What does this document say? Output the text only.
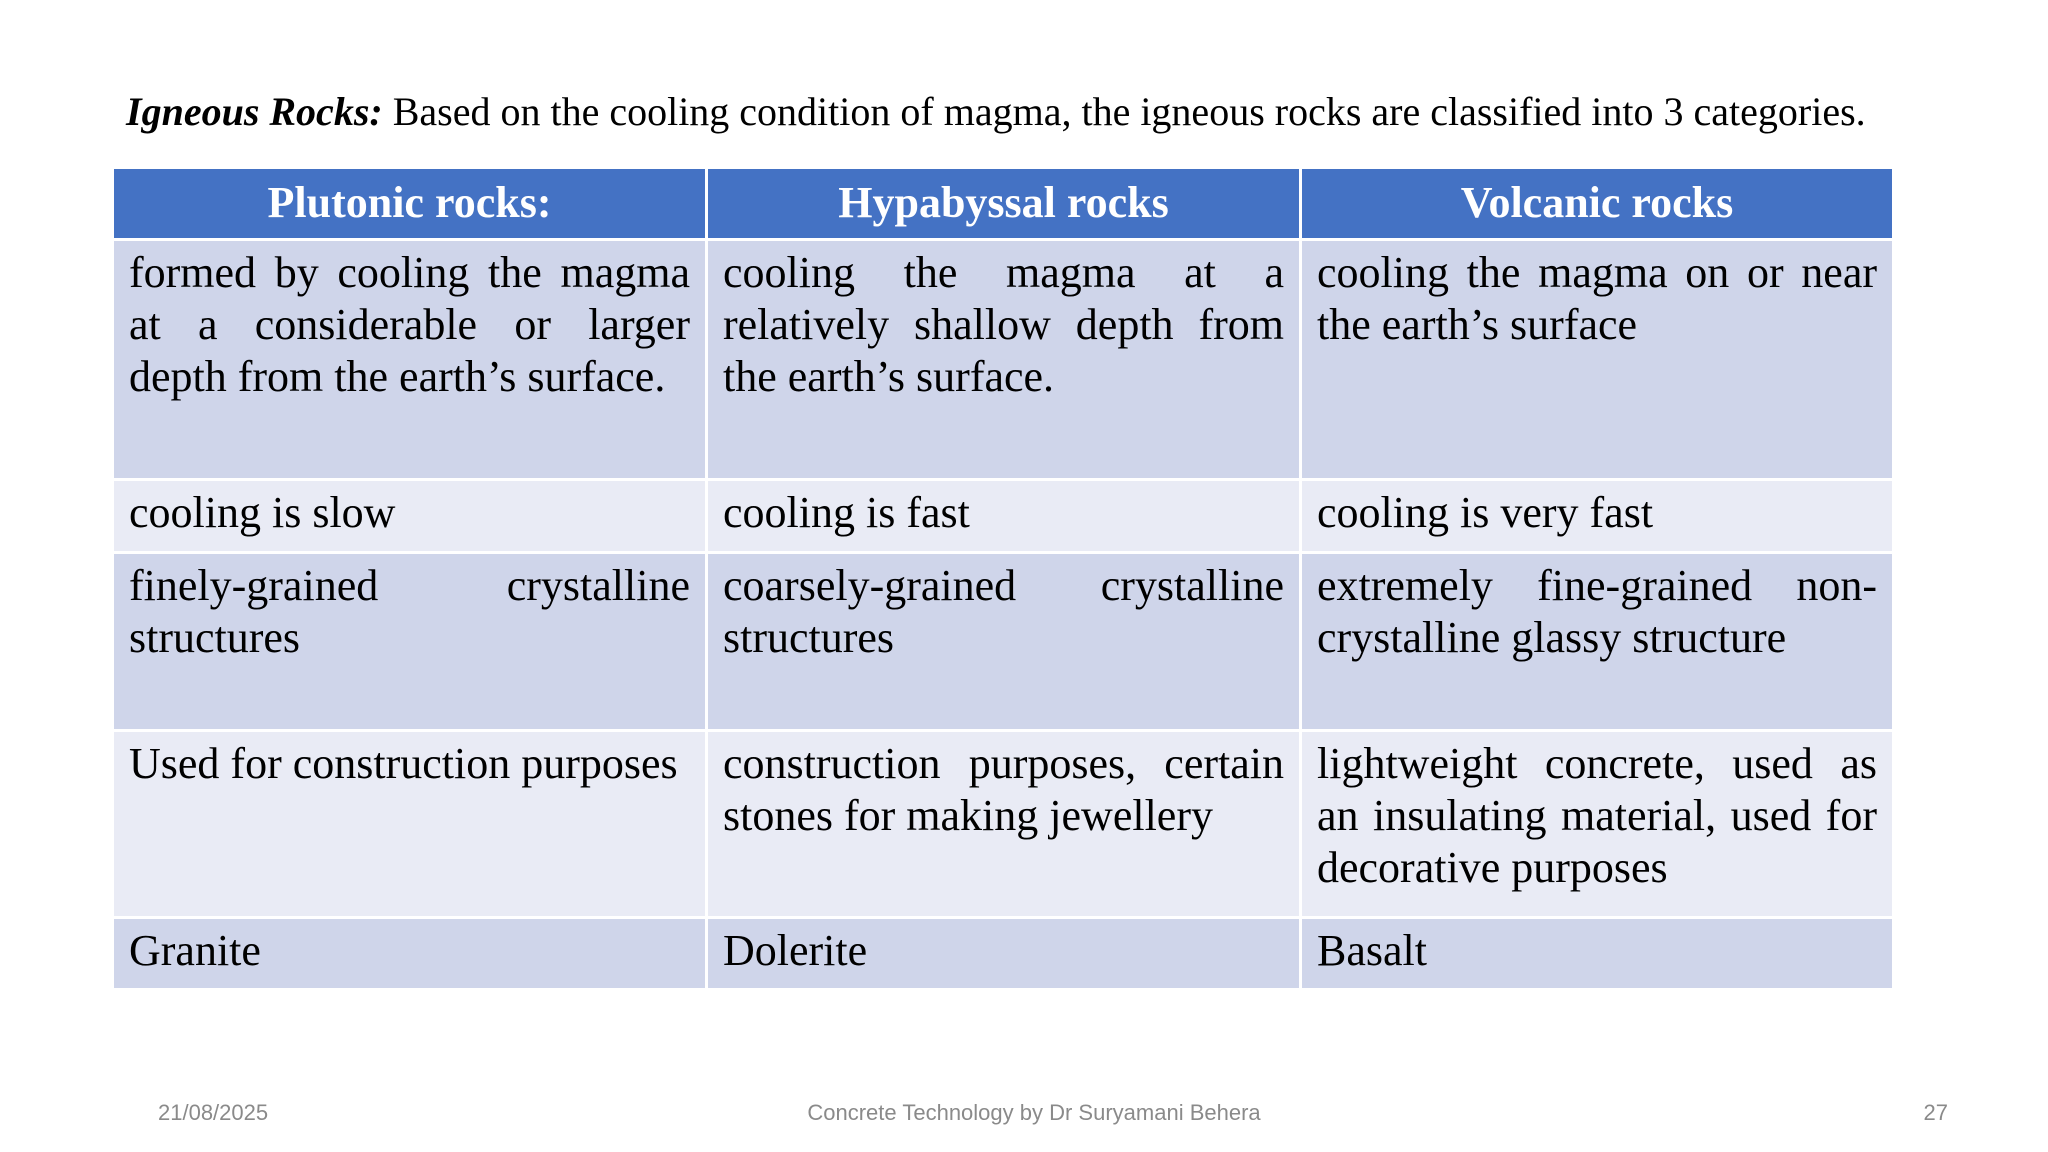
Igneous Rocks: Based on the cooling condition of magma, the igneous rocks are classified into 3 categories.
Plutonic rocks:	Hypabyssal rocks	Volcanic rocks
formed by cooling the magma at a considerable or larger depth from the earth’s surface.	cooling the magma at a relatively shallow depth from the earth’s surface.	cooling the magma on or near the earth’s surface
cooling is slow	cooling is fast	cooling is very fast
finely-grained crystalline structures	coarsely-grained crystalline structures	extremely fine-grained non-crystalline glassy structure
Used for construction purposes	construction purposes, certain stones for making jewellery	lightweight concrete, used as an insulating material, used for decorative purposes
Granite	Dolerite	Basalt
21/08/2025	Concrete Technology by Dr Suryamani Behera	27
